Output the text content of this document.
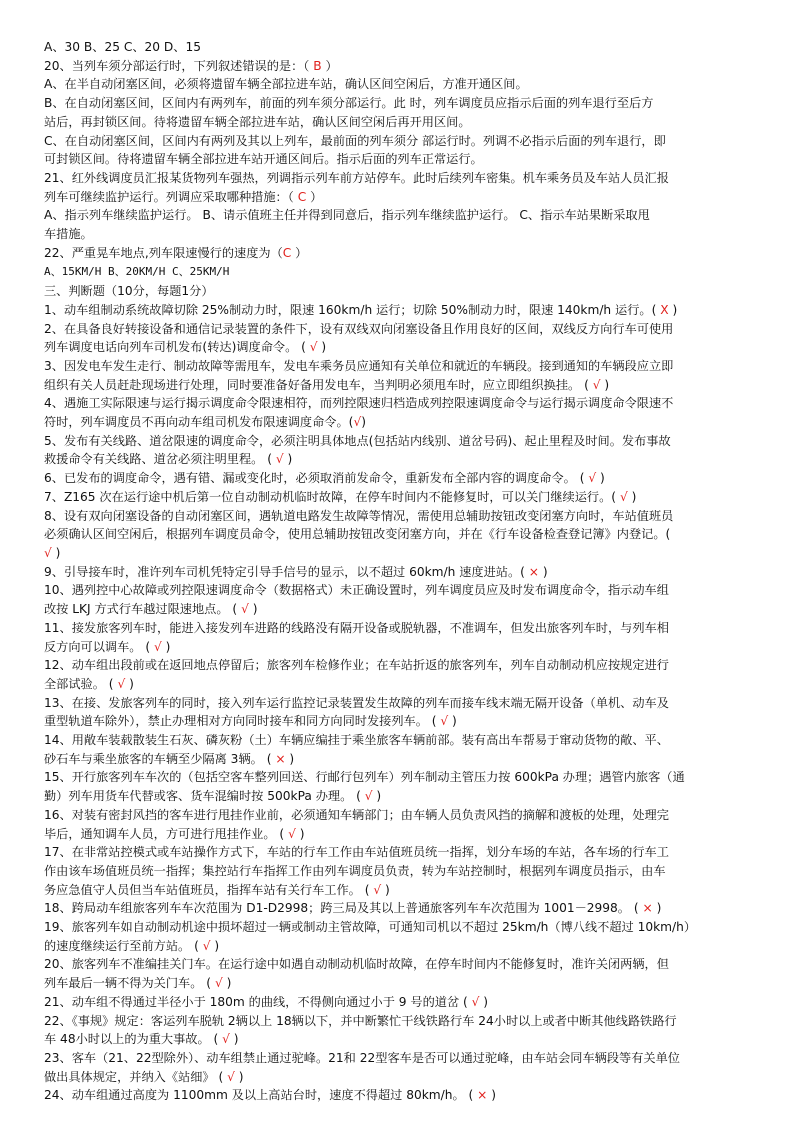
A、30 B、25 C、20 D、15
20、当列车须分部运行时，下列叙述错误的是：（ B ）
A、在半自动闭塞区间，必须将遗留车辆全部拉进车站，确认区间空闲后，方准开通区间。
B、在自动闭塞区间，区间内有两列车，前面的列车须分部运行。此 时，列车调度员应指示后面的列车退行至后方
站后，再封锁区间。待将遗留车辆全部拉进车站，确认区间空闲后再开用区间。
C、在自动闭塞区间，区间内有两列及其以上列车，最前面的列车须分 部运行时。列调不必指示后面的列车退行，即
可封锁区间。待将遗留车辆全部拉进车站开通区间后。指示后面的列车正常运行。
21、红外线调度员汇报某货物列车强热，列调指示列车前方站停车。此时后续列车密集。机车乘务员及车站人员汇报
列车可继续监护运行。列调应采取哪种措施：（ C ）
A、指示列车继续监护运行。 B、请示值班主任并得到同意后，指示列车继续监护运行。 C、指示车站果断采取甩
车措施。
22、严重晃车地点,列车限速慢行的速度为（C ）
A、15KM/H B、20KM/H C、25KM/H
三、判断题（10分，每题1分）
1、动车组制动系统故障切除 25%制动力时，限速 160km/h 运行；切除 50%制动力时，限速 140km/h 运行。( X )
2、在具备良好转接设备和通信记录装置的条件下，设有双线双向闭塞设备且作用良好的区间，双线反方向行车可使用
列车调度电话向列车司机发布(转达)调度命令。 ( √ )
3、因发电车发生走行、制动故障等需甩车，发电车乘务员应通知有关单位和就近的车辆段。接到通知的车辆段应立即
组织有关人员赶赴现场进行处理，同时要准备好备用发电车，当判明必须甩车时，应立即组织换挂。 ( √ )
4、遇施工实际限速与运行揭示调度命令限速相符，而列控限速归档造成列控限速调度命令与运行揭示调度命令限速不
符时，列车调度员不再向动车组司机发布限速调度命令。(√)
5、发布有关线路、道岔限速的调度命令，必须注明具体地点(包括站内线别、道岔号码)、起止里程及时间。发布事故
救援命令有关线路、道岔必须注明里程。 ( √ )
6、已发布的调度命令，遇有错、漏或变化时，必须取消前发命令，重新发布全部内容的调度命令。 ( √ )
7、Z165 次在运行途中机后第一位自动制动机临时故障，在停车时间内不能修复时，可以关门继续运行。( √ )
8、设有双向闭塞设备的自动闭塞区间，遇轨道电路发生故障等情况，需使用总辅助按钮改变闭塞方向时，车站值班员
必须确认区间空闲后，根据列车调度员命令，使用总辅助按钮改变闭塞方向，并在《行车设备检查登记簿》内登记。(
√ )
9、引导接车时，准许列车司机凭特定引导手信号的显示，以不超过 60km/h 速度进站。( × )
10、遇列控中心故障或列控限速调度命令（数据格式）未正确设置时，列车调度员应及时发布调度命令，指示动车组
改按 LKJ 方式行车越过限速地点。 ( √ )
11、接发旅客列车时，能进入接发列车进路的线路没有隔开设备或脱轨器，不准调车，但发出旅客列车时，与列车相
反方向可以调车。 ( √ )
12、动车组出段前或在返回地点停留后；旅客列车检修作业；在车站折返的旅客列车，列车自动制动机应按规定进行
全部试验。 ( √ )
13、在接、发旅客列车的同时，接入列车运行监控记录装置发生故障的列车而接车线末端无隔开设备（单机、动车及
重型轨道车除外），禁止办理相对方向同时接车和同方向同时发接列车。 ( √ )
14、用敞车装载散装生石灰、磷灰粉（土）车辆应编挂于乘坐旅客车辆前部。装有高出车帮易于窜动货物的敞、平、
砂石车与乘坐旅客的车辆至少隔离 3辆。 ( × )
15、开行旅客列车车次的（包括空客车整列回送、行邮行包列车）列车制动主管压力按 600kPa 办理；遇管内旅客（通
勤）列车用货车代替或客、货车混编时按 500kPa 办理。 ( √ )
16、对装有密封风挡的客车进行甩挂作业前，必须通知车辆部门；由车辆人员负责风挡的摘解和渡板的处理，处理完
毕后，通知调车人员，方可进行甩挂作业。 ( √ )
17、在非常站控模式或车站操作方式下，车站的行车工作由车站值班员统一指挥，划分车场的车站，各车场的行车工
作由该车场值班员统一指挥；集控站行车指挥工作由列车调度员负责，转为车站控制时，根据列车调度员指示，由车
务应急值守人员但当车站值班员，指挥车站有关行车工作。 ( √ )
18、跨局动车组旅客列车车次范围为 D1-D2998；跨三局及其以上普通旅客列车车次范围为 1001－2998。 ( × )
19、旅客列车如自动制动机途中损坏超过一辆或制动主管故障，可通知司机以不超过 25km/h（博八线不超过 10km/h）
的速度继续运行至前方站。 ( √ )
20、旅客列车不准编挂关门车。在运行途中如遇自动制动机临时故障，在停车时间内不能修复时，准许关闭两辆，但
列车最后一辆不得为关门车。 ( √ )
21、动车组不得通过半径小于 180m 的曲线，不得侧向通过小于 9 号的道岔 ( √ )
22、《事规》规定：客运列车脱轨 2辆以上 18辆以下，并中断繁忙干线铁路行车 24小时以上或者中断其他线路铁路行
车 48小时以上的为重大事故。 ( √ )
23、客车（21、22型除外）、动车组禁止通过驼峰。21和 22型客车是否可以通过驼峰，由车站会同车辆段等有关单位
做出具体规定，并纳入《站细》 ( √ )
24、动车组通过高度为 1100mm 及以上高站台时，速度不得超过 80km/h。 ( × )
